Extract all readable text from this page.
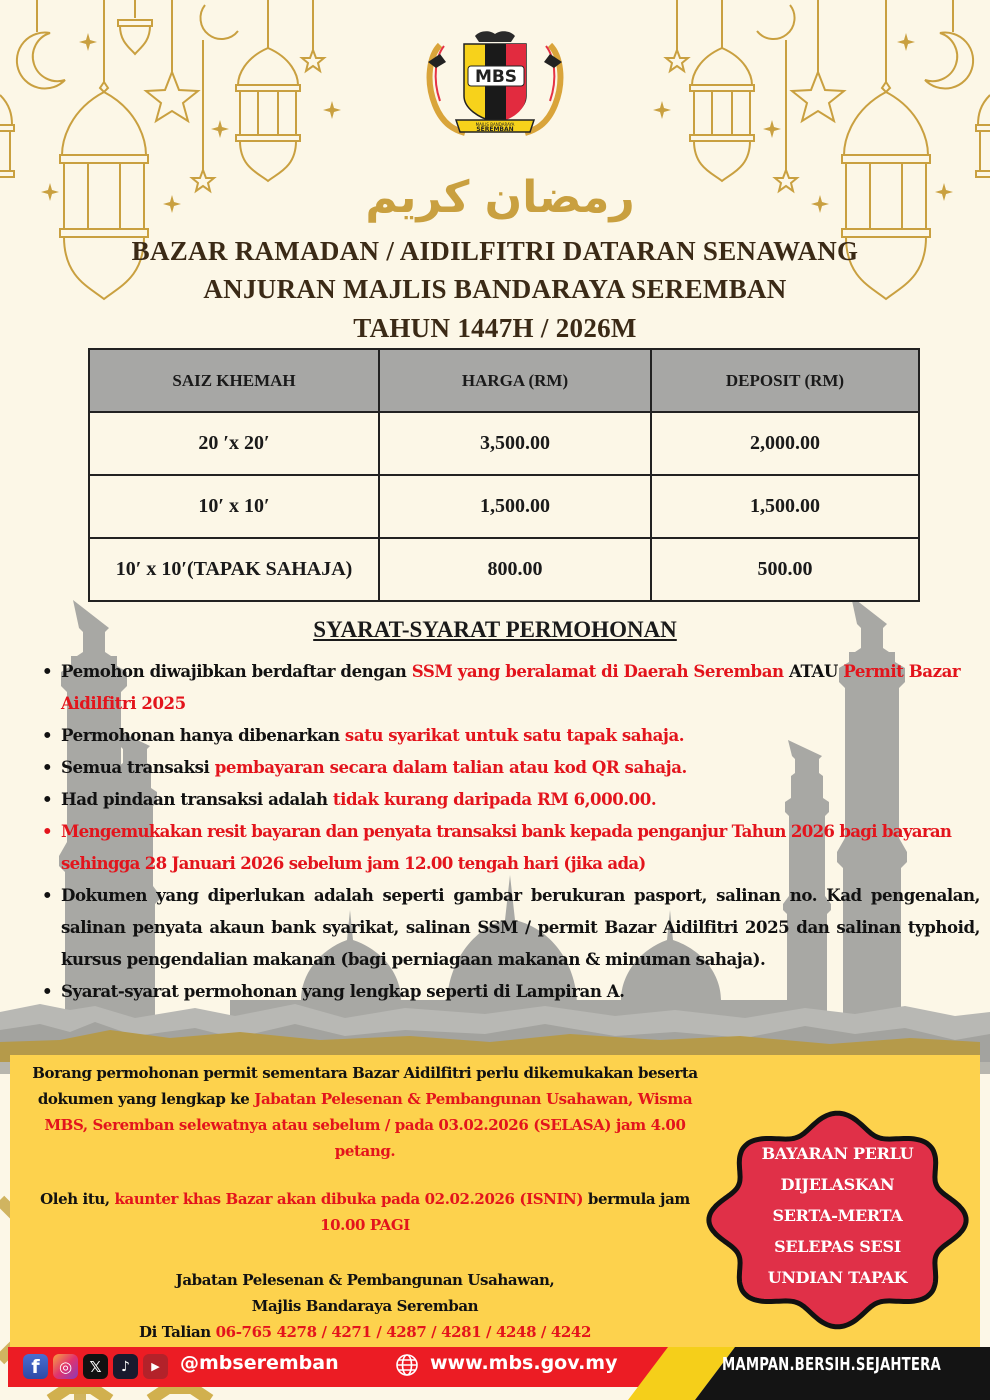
MBS
MAJLIS BANDARAYA
SEREMBAN
رمضان كريم
BAZAR RAMADAN / AIDILFITRI DATARAN SENAWANG
ANJURAN MAJLIS BANDARAYA SEREMBAN
TAHUN 1447H / 2026M
SAIZ KHEMAH	HARGA (RM)	DEPOSIT (RM)
20 ′x 20′	3,500.00	2,000.00
10′ x 10′	1,500.00	1,500.00
10′ x 10′(TAPAK SAHAJA)	800.00	500.00
SYARAT-SYARAT PERMOHONAN
• Pemohon diwajibkan berdaftar dengan SSM yang beralamat di Daerah Seremban ATAU Permit Bazar Aidilfitri 2025
• Permohonan hanya dibenarkan satu syarikat untuk satu tapak sahaja.
• Semua transaksi pembayaran secara dalam talian atau kod QR sahaja.
• Had pindaan transaksi adalah tidak kurang daripada RM 6,000.00.
• Mengemukakan resit bayaran dan penyata transaksi bank kepada penganjur Tahun 2026 bagi bayaran sehingga 28 Januari 2026 sebelum jam 12.00 tengah hari (jika ada)
• Dokumen yang diperlukan adalah seperti gambar berukuran pasport, salinan no. Kad pengenalan, salinan penyata akaun bank syarikat, salinan SSM / permit Bazar Aidilfitri 2025 dan salinan typhoid, kursus pengendalian makanan (bagi perniagaan makanan & minuman sahaja).
• Syarat-syarat permohonan yang lengkap seperti di Lampiran A.
Borang permohonan permit sementara Bazar Aidilfitri perlu dikemukakan beserta dokumen yang lengkap ke Jabatan Pelesenan & Pembangunan Usahawan, Wisma MBS, Seremban selewatnya atau sebelum / pada 03.02.2026 (SELASA) jam 4.00 petang.
Oleh itu, kaunter khas Bazar akan dibuka pada 02.02.2026 (ISNIN) bermula jam 10.00 PAGI
Jabatan Pelesenan & Pembangunan Usahawan,
Majlis Bandaraya Seremban
Di Talian 06-765 4278 / 4271 / 4287 / 4281 / 4248 / 4242
BAYARAN PERLU
DIJELASKAN
SERTA-MERTA
SELEPAS SESI
UNDIAN TAPAK
f	◎	𝕏	♪	▶	@mbseremban	www.mbs.gov.my	MAMPAN.BERSIH.SEJAHTERA
